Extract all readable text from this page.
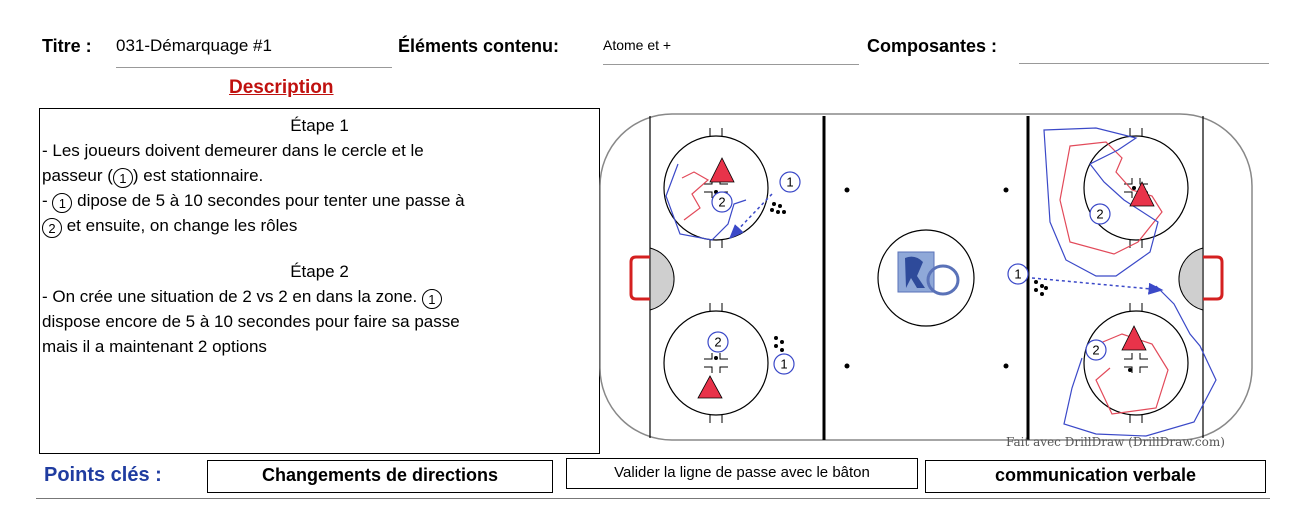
Titre : 031-Démarquage #1	Éléments contenu:	Atome et +	Composantes :
Description
Étape 1
- Les joueurs doivent demeurer dans le cercle et le
passeur ( 1 ) est stationnaire.
- 1 dipose de 5 à 10 secondes pour tenter une passe à
2 et ensuite, on change les rôles
Étape 2
- On crée une situation de 2 vs 2 en dans la zone. 1
dispose encore de 5 à 10 secondes pour faire sa passe
mais il a maintenant 2 options
1
2
2
1
2
1
2
Fait avec DrillDraw (DrillDraw.com)
Points clés :	Changements de directions	Valider la ligne de passe avec le bâton	communication verbale
